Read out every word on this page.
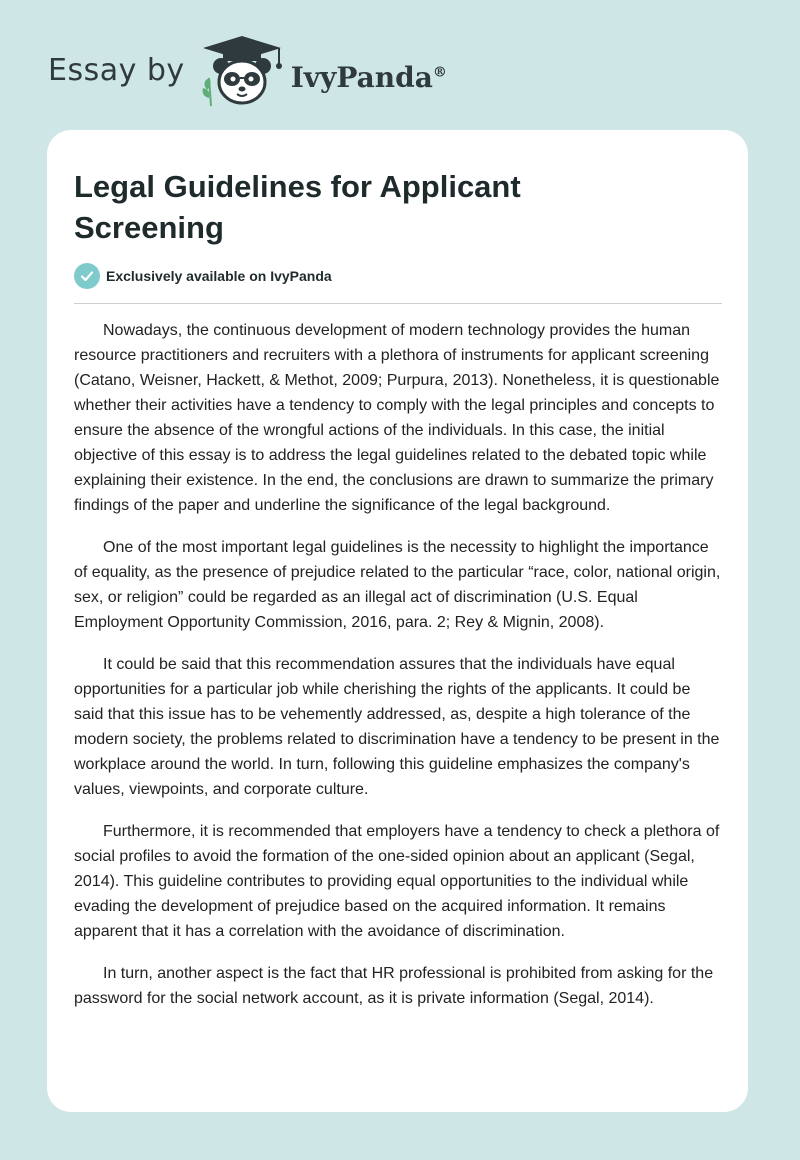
Essay by	IvyPanda®
Legal Guidelines for Applicant Screening
Exclusively available on IvyPanda

Nowadays, the continuous development of modern technology provides the human resource practitioners and recruiters with a plethora of instruments for applicant screening (Catano, Weisner, Hackett, & Methot, 2009; Purpura, 2013). Nonetheless, it is questionable whether their activities have a tendency to comply with the legal principles and concepts to ensure the absence of the wrongful actions of the individuals. In this case, the initial objective of this essay is to address the legal guidelines related to the debated topic while explaining their existence. In the end, the conclusions are drawn to summarize the primary findings of the paper and underline the significance of the legal background.

One of the most important legal guidelines is the necessity to highlight the importance of equality, as the presence of prejudice related to the particular “race, color, national origin, sex, or religion” could be regarded as an illegal act of discrimination (U.S. Equal Employment Opportunity Commission, 2016, para. 2; Rey & Mignin, 2008).

It could be said that this recommendation assures that the individuals have equal opportunities for a particular job while cherishing the rights of the applicants. It could be said that this issue has to be vehemently addressed, as, despite a high tolerance of the modern society, the problems related to discrimination have a tendency to be present in the workplace around the world. In turn, following this guideline emphasizes the company's values, viewpoints, and corporate culture.

Furthermore, it is recommended that employers have a tendency to check a plethora of social profiles to avoid the formation of the one-sided opinion about an applicant (Segal, 2014). This guideline contributes to providing equal opportunities to the individual while evading the development of prejudice based on the acquired information. It remains apparent that it has a correlation with the avoidance of discrimination.

In turn, another aspect is the fact that HR professional is prohibited from asking for the password for the social network account, as it is private information (Segal, 2014).
